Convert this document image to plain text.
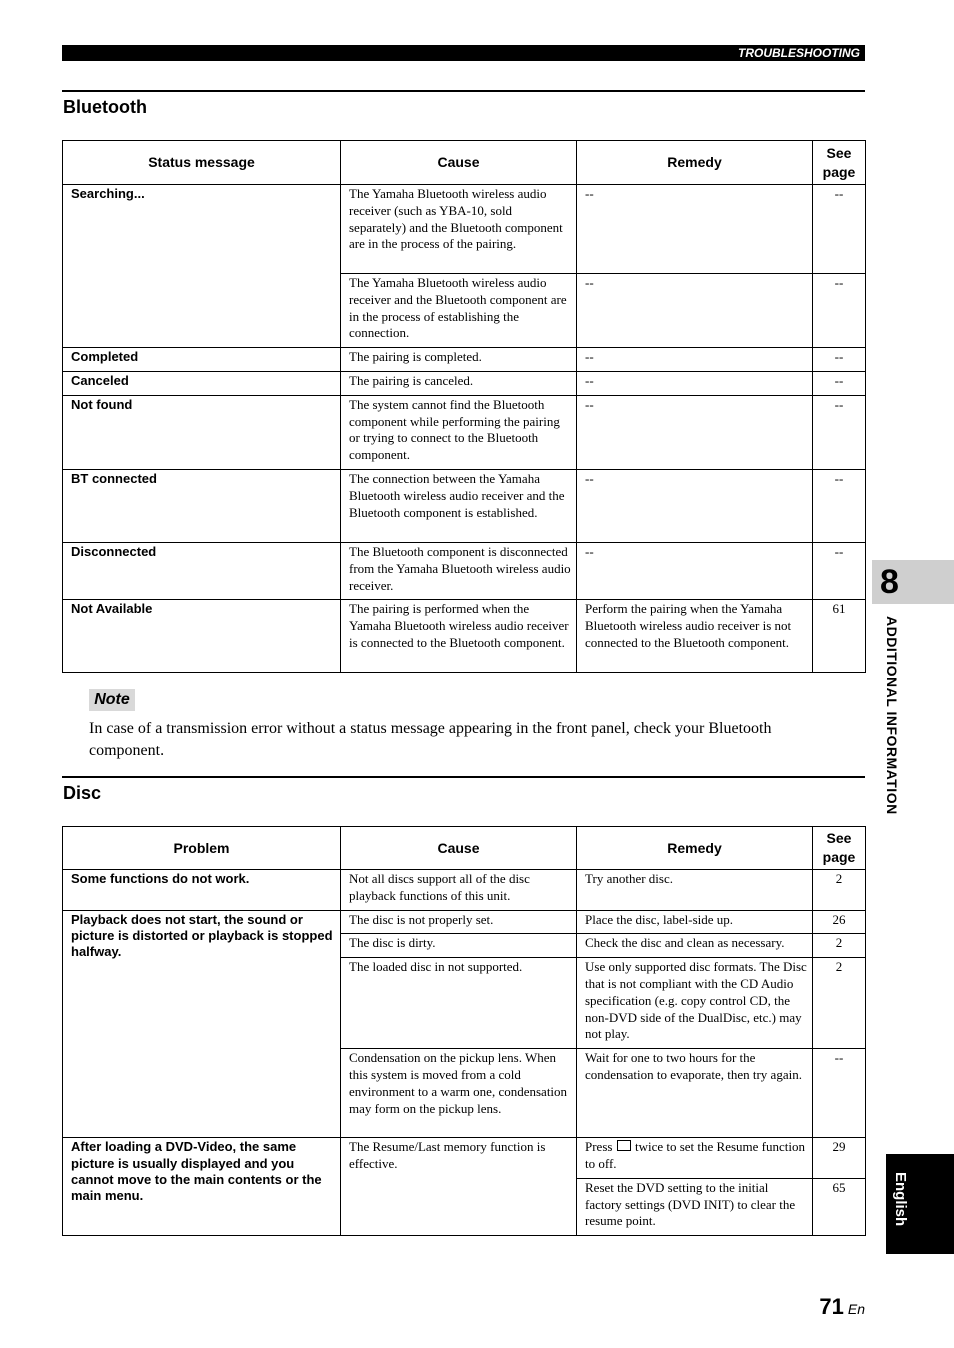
TROUBLESHOOTING
Bluetooth
Status message	Cause	Remedy	See page
Searching...	The Yamaha Bluetooth wireless audio receiver (such as YBA-10, sold separately) and the Bluetooth component are in the process of the pairing.	--	--
	The Yamaha Bluetooth wireless audio receiver and the Bluetooth component are in the process of establishing the connection.	--	--
Completed	The pairing is completed.	--	--
Canceled	The pairing is canceled.	--	--
Not found	The system cannot find the Bluetooth component while performing the pairing or trying to connect to the Bluetooth component.	--	--
BT connected	The connection between the Yamaha Bluetooth wireless audio receiver and the Bluetooth component is established.	--	--
Disconnected	The Bluetooth component is disconnected from the Yamaha Bluetooth wireless audio receiver.	--	--
Not Available	The pairing is performed when the Yamaha Bluetooth wireless audio receiver is connected to the Bluetooth component.	Perform the pairing when the Yamaha Bluetooth wireless audio receiver is not connected to the Bluetooth component.	61
Note
In case of a transmission error without a status message appearing in the front panel, check your Bluetooth component.
Disc
Problem	Cause	Remedy	See page
Some functions do not work.	Not all discs support all of the disc playback functions of this unit.	Try another disc.	2
Playback does not start, the sound or picture is distorted or playback is stopped halfway.	The disc is not properly set.	Place the disc, label-side up.	26
	The disc is dirty.	Check the disc and clean as necessary.	2
	The loaded disc in not supported.	Use only supported disc formats. The Disc that is not compliant with the CD Audio specification (e.g. copy control CD, the non-DVD side of the DualDisc, etc.) may not play.	2
	Condensation on the pickup lens. When this system is moved from a cold environment to a warm one, condensation may form on the pickup lens.	Wait for one to two hours for the condensation to evaporate, then try again.	--
After loading a DVD-Video, the same picture is usually displayed and you cannot move to the main contents or the main menu.	The Resume/Last memory function is effective.	Press twice to set the Resume function to off.	29
		Reset the DVD setting to the initial factory settings (DVD INIT) to clear the resume point.	65
8
ADDITIONAL INFORMATION
English
71 En
